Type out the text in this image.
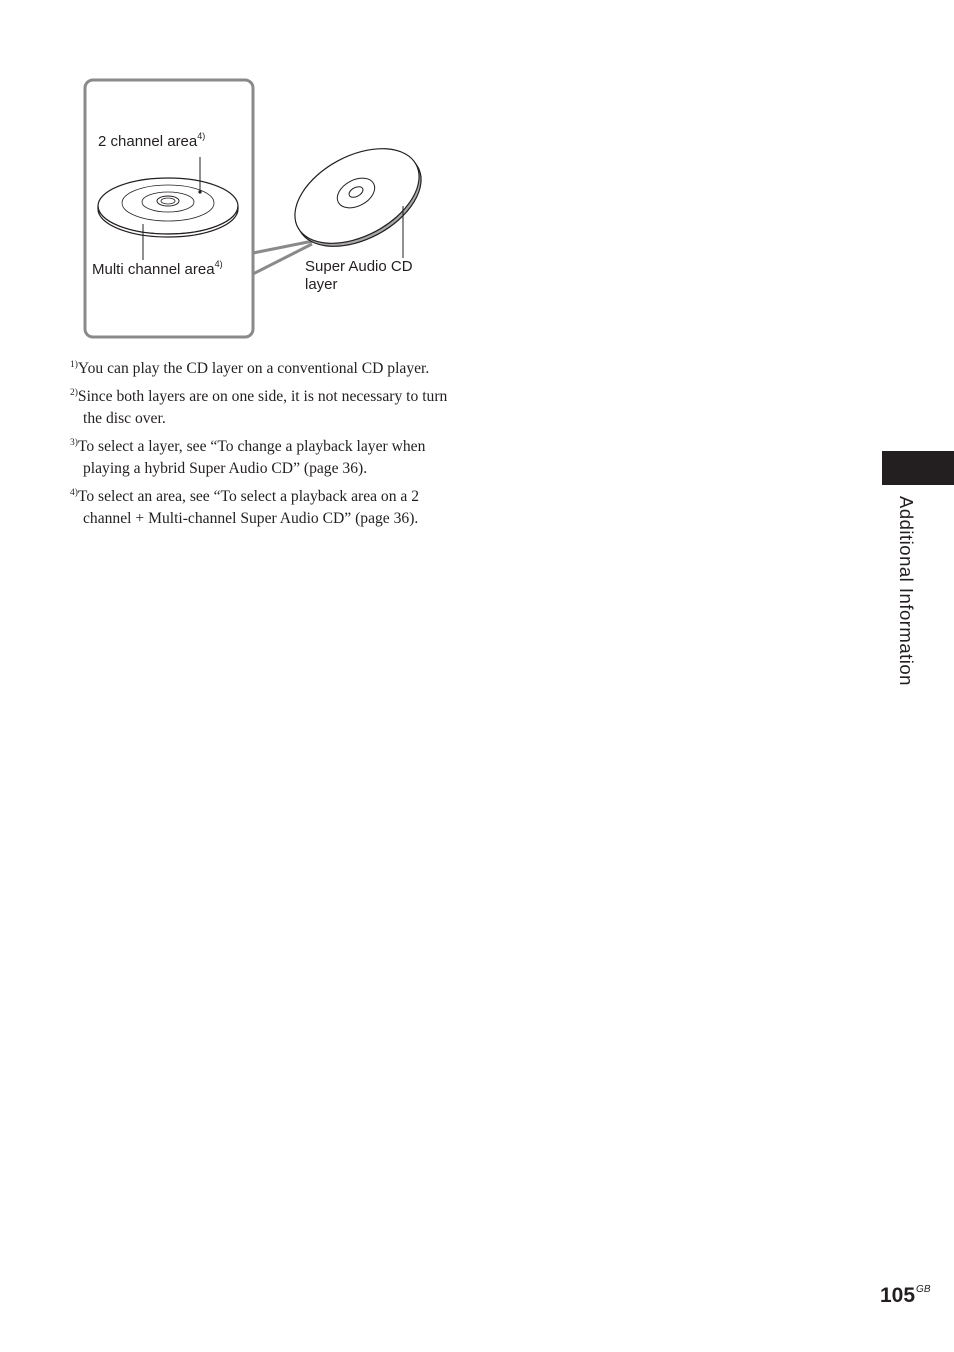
2 channel area$^{4)}$
Multi channel area$^{4)}$	Super Audio CD
layer

$^{1)}$You can play the CD layer on a conventional CD player.

$^{2)}$Since both layers are on one side, it is not necessary to turn the disc over.

$^{3)}$To select a layer, see “To change a playback layer when playing a hybrid Super Audio CD” (page 36).

$^{4)}$To select an area, see “To select a playback area on a 2 channel + Multi-channel Super Audio CD” (page 36).	Additional Information
$105^{GB}$
